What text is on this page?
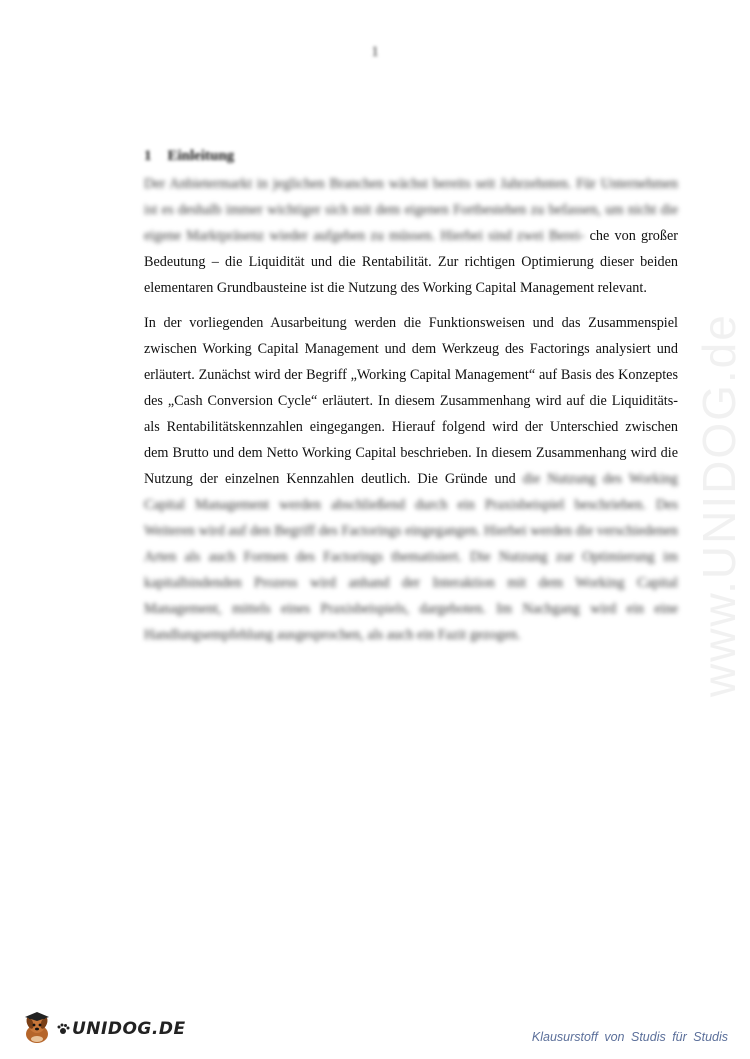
1
www.UNIDOG.de
1 Einleitung

Der Anbietermarkt in jeglichen Branchen wächst bereits seit Jahrzehnten. Für Unternehmen ist es deshalb immer wichtiger sich mit dem eigenen Fortbestehen zu befassen, um nicht die eigene Marktpräsenz wieder aufgeben zu müssen. Hierbei sind zwei Berei- che von großer Bedeutung – die Liquidität und die Rentabilität. Zur richtigen Optimierung dieser beiden elementaren Grundbausteine ist die Nutzung des Working Capital Management relevant.

In der vorliegenden Ausarbeitung werden die Funktionsweisen und das Zusammenspiel zwischen Working Capital Management und dem Werkzeug des Factorings analysiert und erläutert. Zunächst wird der Begriff „Working Capital Management“ auf Basis des Konzeptes des „Cash Conversion Cycle“ erläutert. In diesem Zusammenhang wird auf die Liquiditäts- als Rentabilitätskennzahlen eingegangen. Hierauf folgend wird der Unterschied zwischen dem Brutto und dem Netto Working Capital beschrieben. In diesem Zusammenhang wird die Nutzung der einzelnen Kennzahlen deutlich. Die Gründe und die Nutzung des Working Capital Management werden abschließend durch ein Praxisbeispiel beschrieben. Des Weiteren wird auf den Begriff des Factorings eingegangen. Hierbei werden die verschiedenen Arten als auch Formen des Factorings thematisiert. Die Nutzung zur Optimierung im kapitalbindenden Prozess wird anhand der Interaktion mit dem Working Capital Management, mittels eines Praxisbeispiels, dargeboten. Im Nachgang wird ein eine Handlungsempfehlung ausgesprochen, als auch ein Fazit gezogen.

UNIDOG.DE	Klausurstoff von Studis für Studis
